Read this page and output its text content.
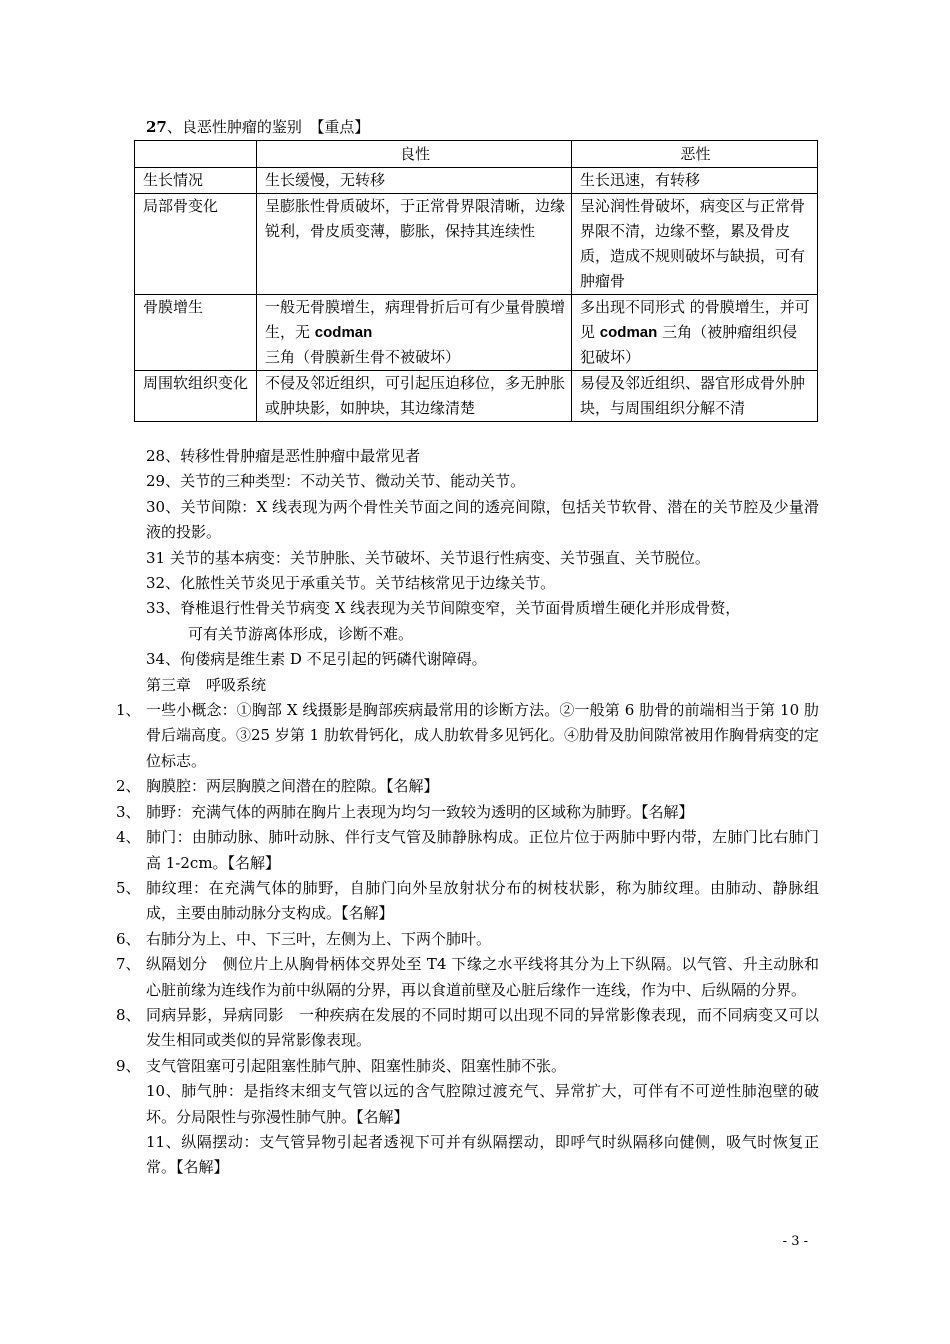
27、良恶性肿瘤的鉴别　【重点】
	良性	恶性
生长情况	生长缓慢，无转移	生长迅速，有转移
局部骨变化	呈膨胀性骨质破坏，于正常骨界限清晰，边缘锐利，骨皮质变薄，膨胀，保持其连续性	呈沁润性骨破坏，病变区与正常骨界限不清，边缘不整，累及骨皮质，造成不规则破坏与缺损，可有肿瘤骨
骨膜增生	一般无骨膜增生，病理骨折后可有少量骨膜增生，无 codman 三角（骨膜新生骨不被破坏）	多出现不同形式 的骨膜增生，并可见 codman 三角（被肿瘤组织侵犯破坏）
周围软组织变化	不侵及邻近组织，可引起压迫移位，多无肿胀或肿块影，如肿块，其边缘清楚	易侵及邻近组织、器官形成骨外肿块，与周围组织分解不清
28、转移性骨肿瘤是恶性肿瘤中最常见者
29、关节的三种类型：不动关节、微动关节、能动关节。
30、关节间隙：X 线表现为两个骨性关节面之间的透亮间隙，包括关节软骨、潜在的关节腔及少量滑液的投影。
31 关节的基本病变：关节肿胀、关节破坏、关节退行性病变、关节强直、关节脱位。
32、化脓性关节炎见于承重关节。关节结核常见于边缘关节。
33、脊椎退行性骨关节病变 X 线表现为关节间隙变窄，关节面骨质增生硬化并形成骨赘，
可有关节游离体形成，诊断不难。
34、佝偻病是维生素 D 不足引起的钙磷代谢障碍。
第三章　呼吸系统
1、 一些小概念：①胸部 X 线摄影是胸部疾病最常用的诊断方法。②一般第 6 肋骨的前端相当于第 10 肋骨后端高度。③25 岁第 1 肋软骨钙化，成人肋软骨多见钙化。④肋骨及肋间隙常被用作胸骨病变的定位标志。
2、 胸膜腔：两层胸膜之间潜在的腔隙。【名解】
3、 肺野：充满气体的两肺在胸片上表现为均匀一致较为透明的区域称为肺野。【名解】
4、 肺门：由肺动脉、肺叶动脉、伴行支气管及肺静脉构成。正位片位于两肺中野内带，左肺门比右肺门高 1-2cm。【名解】
5、 肺纹理：在充满气体的肺野，自肺门向外呈放射状分布的树枝状影，称为肺纹理。由肺动、静脉组成，主要由肺动脉分支构成。【名解】
6、 右肺分为上、中、下三叶，左侧为上、下两个肺叶。
7、 纵隔划分　侧位片上从胸骨柄体交界处至 T4 下缘之水平线将其分为上下纵隔。以气管、升主动脉和心脏前缘为连线作为前中纵隔的分界，再以食道前壁及心脏后缘作一连线，作为中、后纵隔的分界。
8、 同病异影，异病同影　一种疾病在发展的不同时期可以出现不同的异常影像表现，而不同病变又可以发生相同或类似的异常影像表现。
9、 支气管阻塞可引起阻塞性肺气肿、阻塞性肺炎、阻塞性肺不张。
10、肺气肿：是指终末细支气管以远的含气腔隙过渡充气、异常扩大，可伴有不可逆性肺泡壁的破坏。分局限性与弥漫性肺气肿。【名解】
11、纵隔摆动：支气管异物引起者透视下可并有纵隔摆动，即呼气时纵隔移向健侧，吸气时恢复正常。【名解】
- 3 -
